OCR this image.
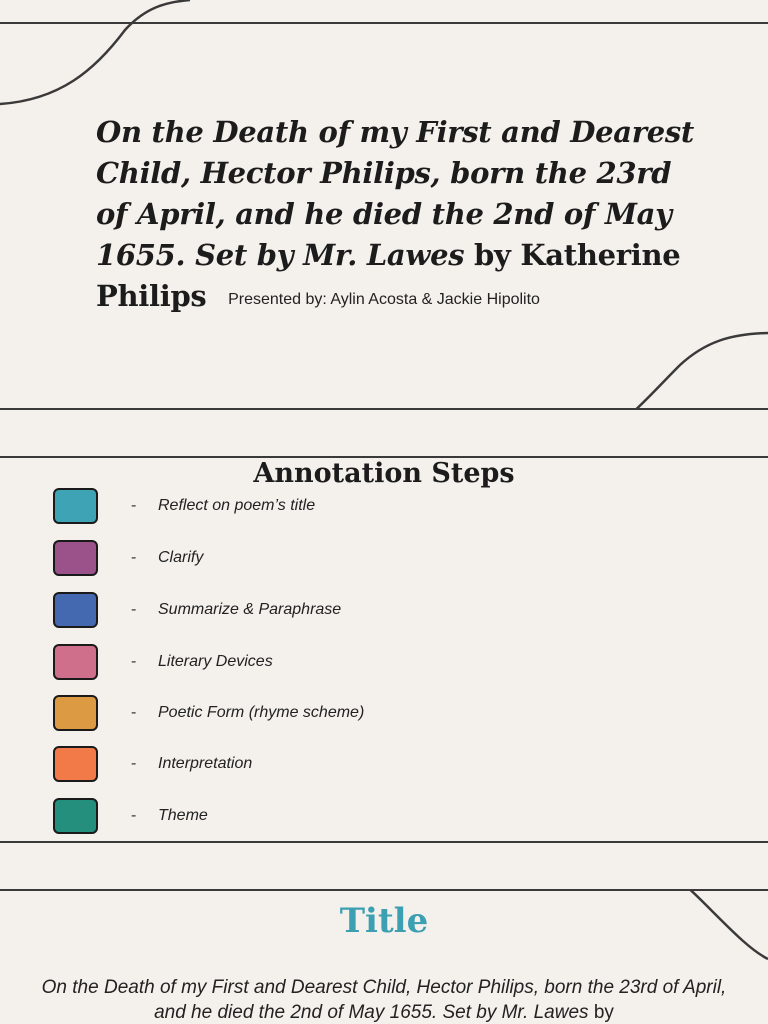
On the Death of my First and Dearest Child, Hector Philips, born the 23rd of April, and he died the 2nd of May 1655. Set by Mr. Lawes by Katherine Philips	Presented by: Aylin Acosta & Jackie Hipolito
Annotation Steps
- Reflect on poem’s title
- Clarify
- Summarize & Paraphrase
- Literary Devices
- Poetic Form (rhyme scheme)
- Interpretation
- Theme
Title

On the Death of my First and Dearest Child, Hector Philips, born the 23rd of April, and he died the 2nd of May 1655. Set by Mr. Lawes by
